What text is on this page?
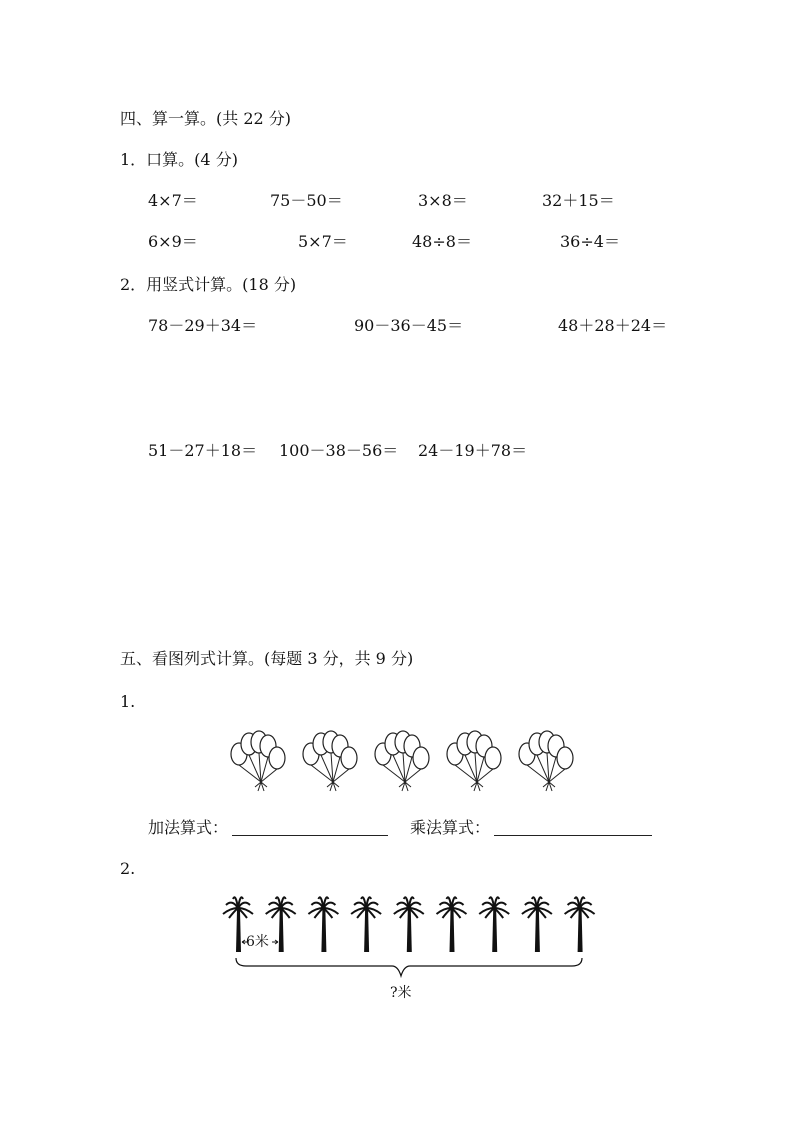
四、算一算。(共 22 分)
1．口算。(4 分)
4×7＝	75－50＝	3×8＝	32＋15＝
6×9＝	5×7＝	48÷8＝	36÷4＝
2．用竖式计算。(18 分)
78－29＋34＝	90－36－45＝	48＋28＋24＝
51－27＋18＝ 100－38－56＝ 24－19＋78＝
五、看图列式计算。(每题 3 分，共 9 分)
1.
加法算式：	乘法算式：
2.
6米
?米
